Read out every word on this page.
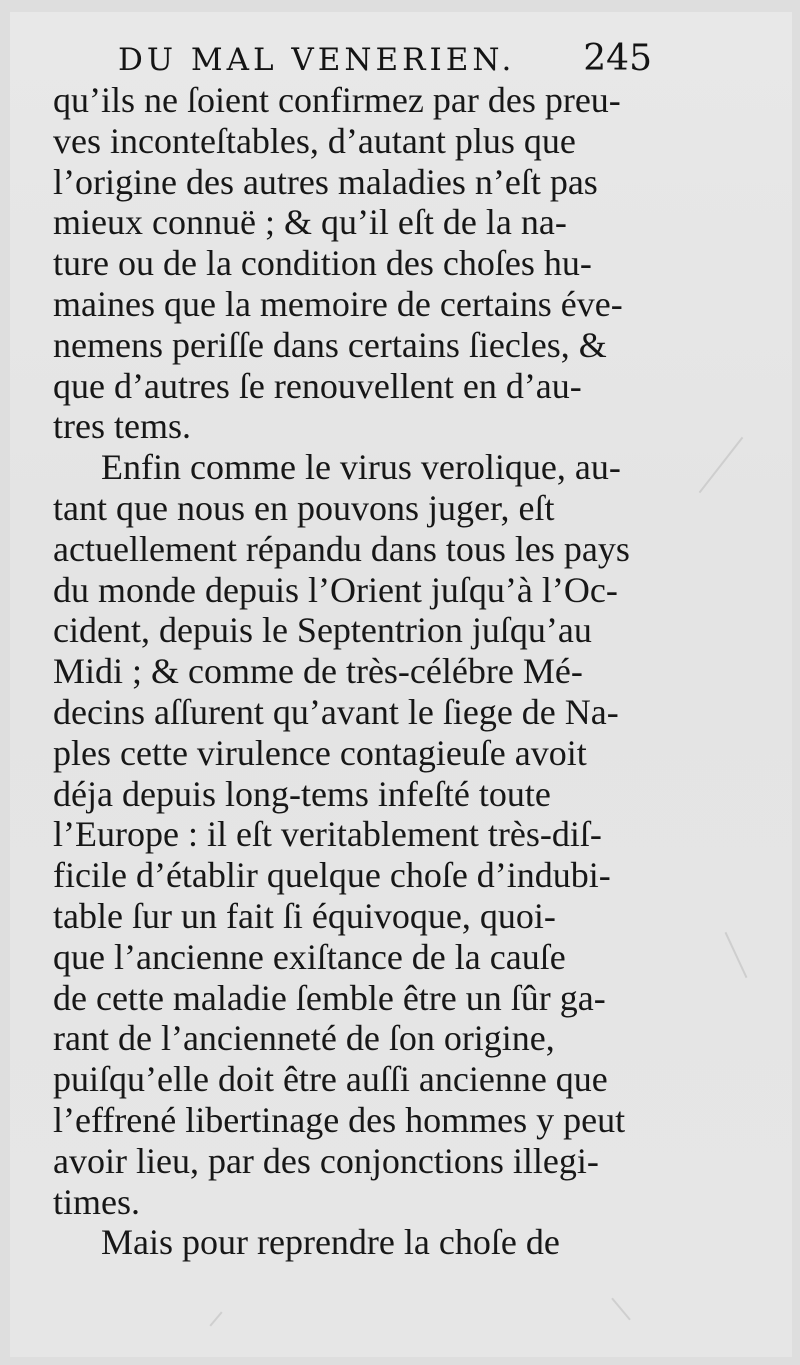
DU MAL VENERIEN. 245
qu’ils ne ſoient confirmez par des preu-
ves inconteſtables, d’autant plus que
l’origine des autres maladies n’eſt pas
mieux connuë ; & qu’il eſt de la na-
ture ou de la condition des choſes hu-
maines que la memoire de certains éve-
nemens periſſe dans certains ſiecles, &
que d’autres ſe renouvellent en d’au-
tres tems.
Enfin comme le virus verolique, au-
tant que nous en pouvons juger, eſt
actuellement répandu dans tous les pays
du monde depuis l’Orient juſqu’à l’Oc-
cident, depuis le Septentrion juſqu’au
Midi ; & comme de très-célébre Mé-
decins aſſurent qu’avant le ſiege de Na-
ples cette virulence contagieuſe avoit
déja depuis long-tems infeſté toute
l’Europe : il eſt veritablement très-diſ-
ficile d’établir quelque choſe d’indubi-
table ſur un fait ſi équivoque, quoi-
que l’ancienne exiſtance de la cauſe
de cette maladie ſemble être un ſûr ga-
rant de l’ancienneté de ſon origine,
puiſqu’elle doit être auſſi ancienne que
l’effrené libertinage des hommes y peut
avoir lieu, par des conjonctions illegi-
times.
Mais pour reprendre la choſe de
